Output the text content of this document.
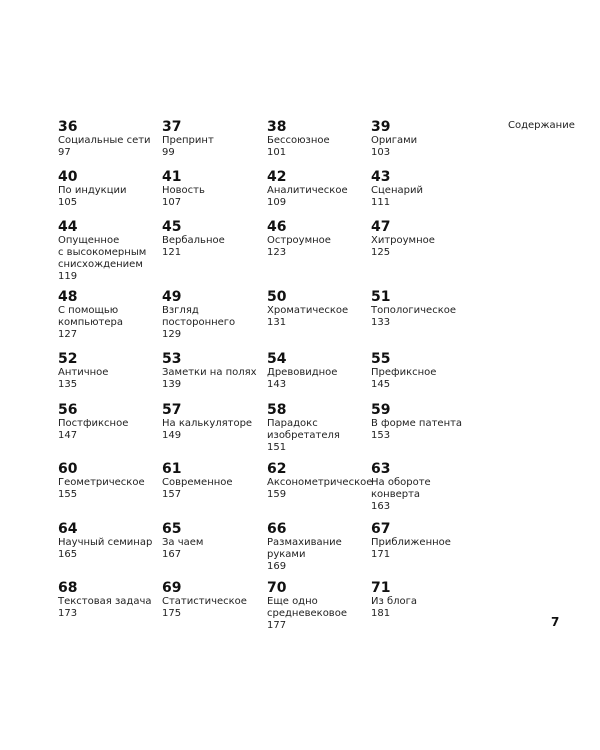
Содержание
36
Социальные сети
97
37
Препринт
99
38
Бессоюзное
101
39
Оригами
103
40
По индукции
105
41
Новость
107
42
Аналитическое
109
43
Сценарий
111
44
Опущенное
с высокомерным
снисхождением
119
45
Вербальное
121
46
Остроумное
123
47
Хитроумное
125
48
С помощью
компьютера
127
49
Взгляд
постороннего
129
50
Хроматическое
131
51
Топологическое
133
52
Античное
135
53
Заметки на полях
139
54
Древовидное
143
55
Префиксное
145
56
Постфиксное
147
57
На калькуляторе
149
58
Парадокс
изобретателя
151
59
В форме патента
153
60
Геометрическое
155
61
Современное
157
62
Аксонометрическое
159
63
На обороте
конверта
163
64
Научный семинар
165
65
За чаем
167
66
Размахивание
руками
169
67
Приближенное
171
68
Текстовая задача
173
69
Статистическое
175
70
Еще одно
средневековое
177
71
Из блога
181
7
